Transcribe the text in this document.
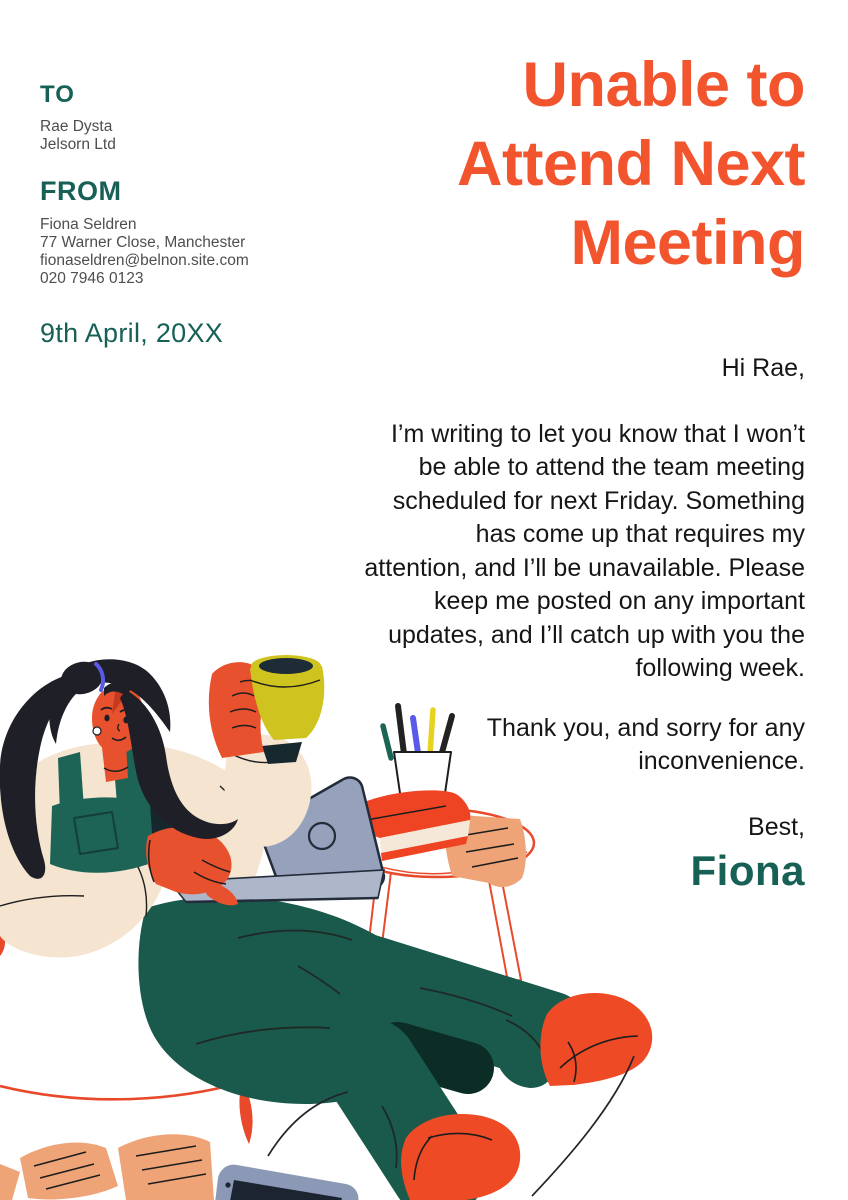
TO
Rae Dysta
Jelsorn Ltd
FROM
Fiona Seldren
77 Warner Close, Manchester
fionaseldren@belnon.site.com
020 7946 0123
9th April, 20XX
Unable to
Attend Next
Meeting
Hi Rae,
I’m writing to let you know that I won’t
be able to attend the team meeting
scheduled for next Friday. Something
has come up that requires my
attention, and I’ll be unavailable. Please
keep me posted on any important
updates, and I’ll catch up with you the
following week.
Thank you, and sorry for any
inconvenience.
Best,
Fiona
